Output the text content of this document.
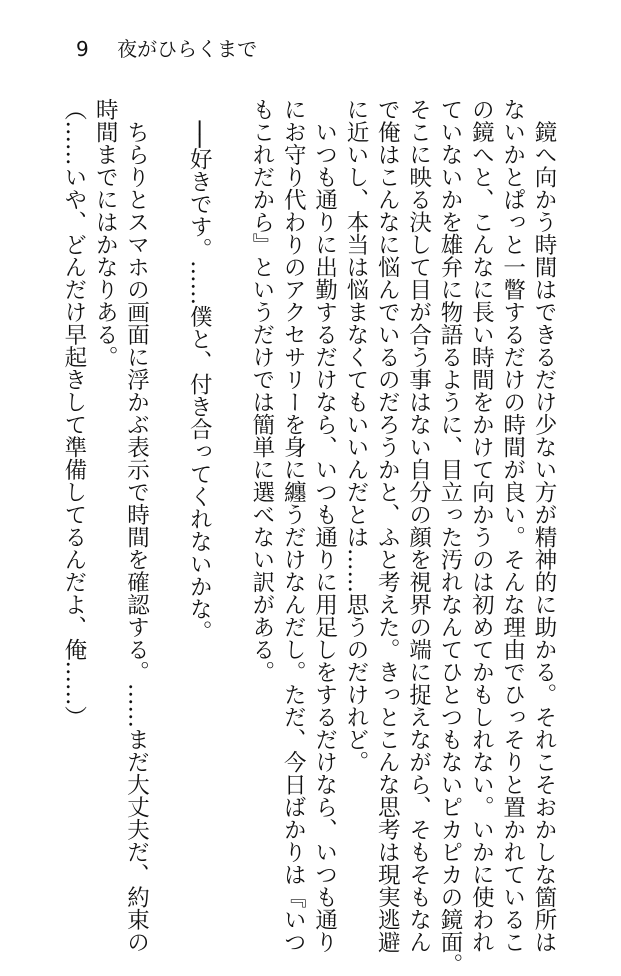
9 夜がひらくまで
　鏡へ向かう時間はできるだけ少ない方が精神的に助かる。それこそおかしな箇所は
ないかとぱっと一瞥するだけの時間が良い。そんな理由でひっそりと置かれているこ
の鏡へと、こんなに長い時間をかけて向かうのは初めてかもしれない。いかに使われ
ていないかを雄弁に物語るように、目立った汚れなんてひとつもないピカピカの鏡面。
そこに映る決して目が合う事はない自分の顔を視界の端に捉えながら、そもそもなん
で俺はこんなに悩んでいるのだろうかと、ふと考えた。きっとこんな思考は現実逃避
に近いし、本当は悩まなくてもいいんだとは……思うのだけれど。
　いつも通りに出勤するだけなら、いつも通りに用足しをするだけなら、いつも通り
にお守り代わりのアクセサリーを身に纏うだけなんだし。ただ、今日ばかりは『いつ
もこれだから』というだけでは簡単に選べない訳がある。
　──好きです。……僕と、付き合ってくれないかな。
　ちらりとスマホの画面に浮かぶ表示で時間を確認する。……まだ大丈夫だ、約束の
時間までにはかなりある。
（……いや、どんだけ早起きして準備してるんだよ、俺……）
